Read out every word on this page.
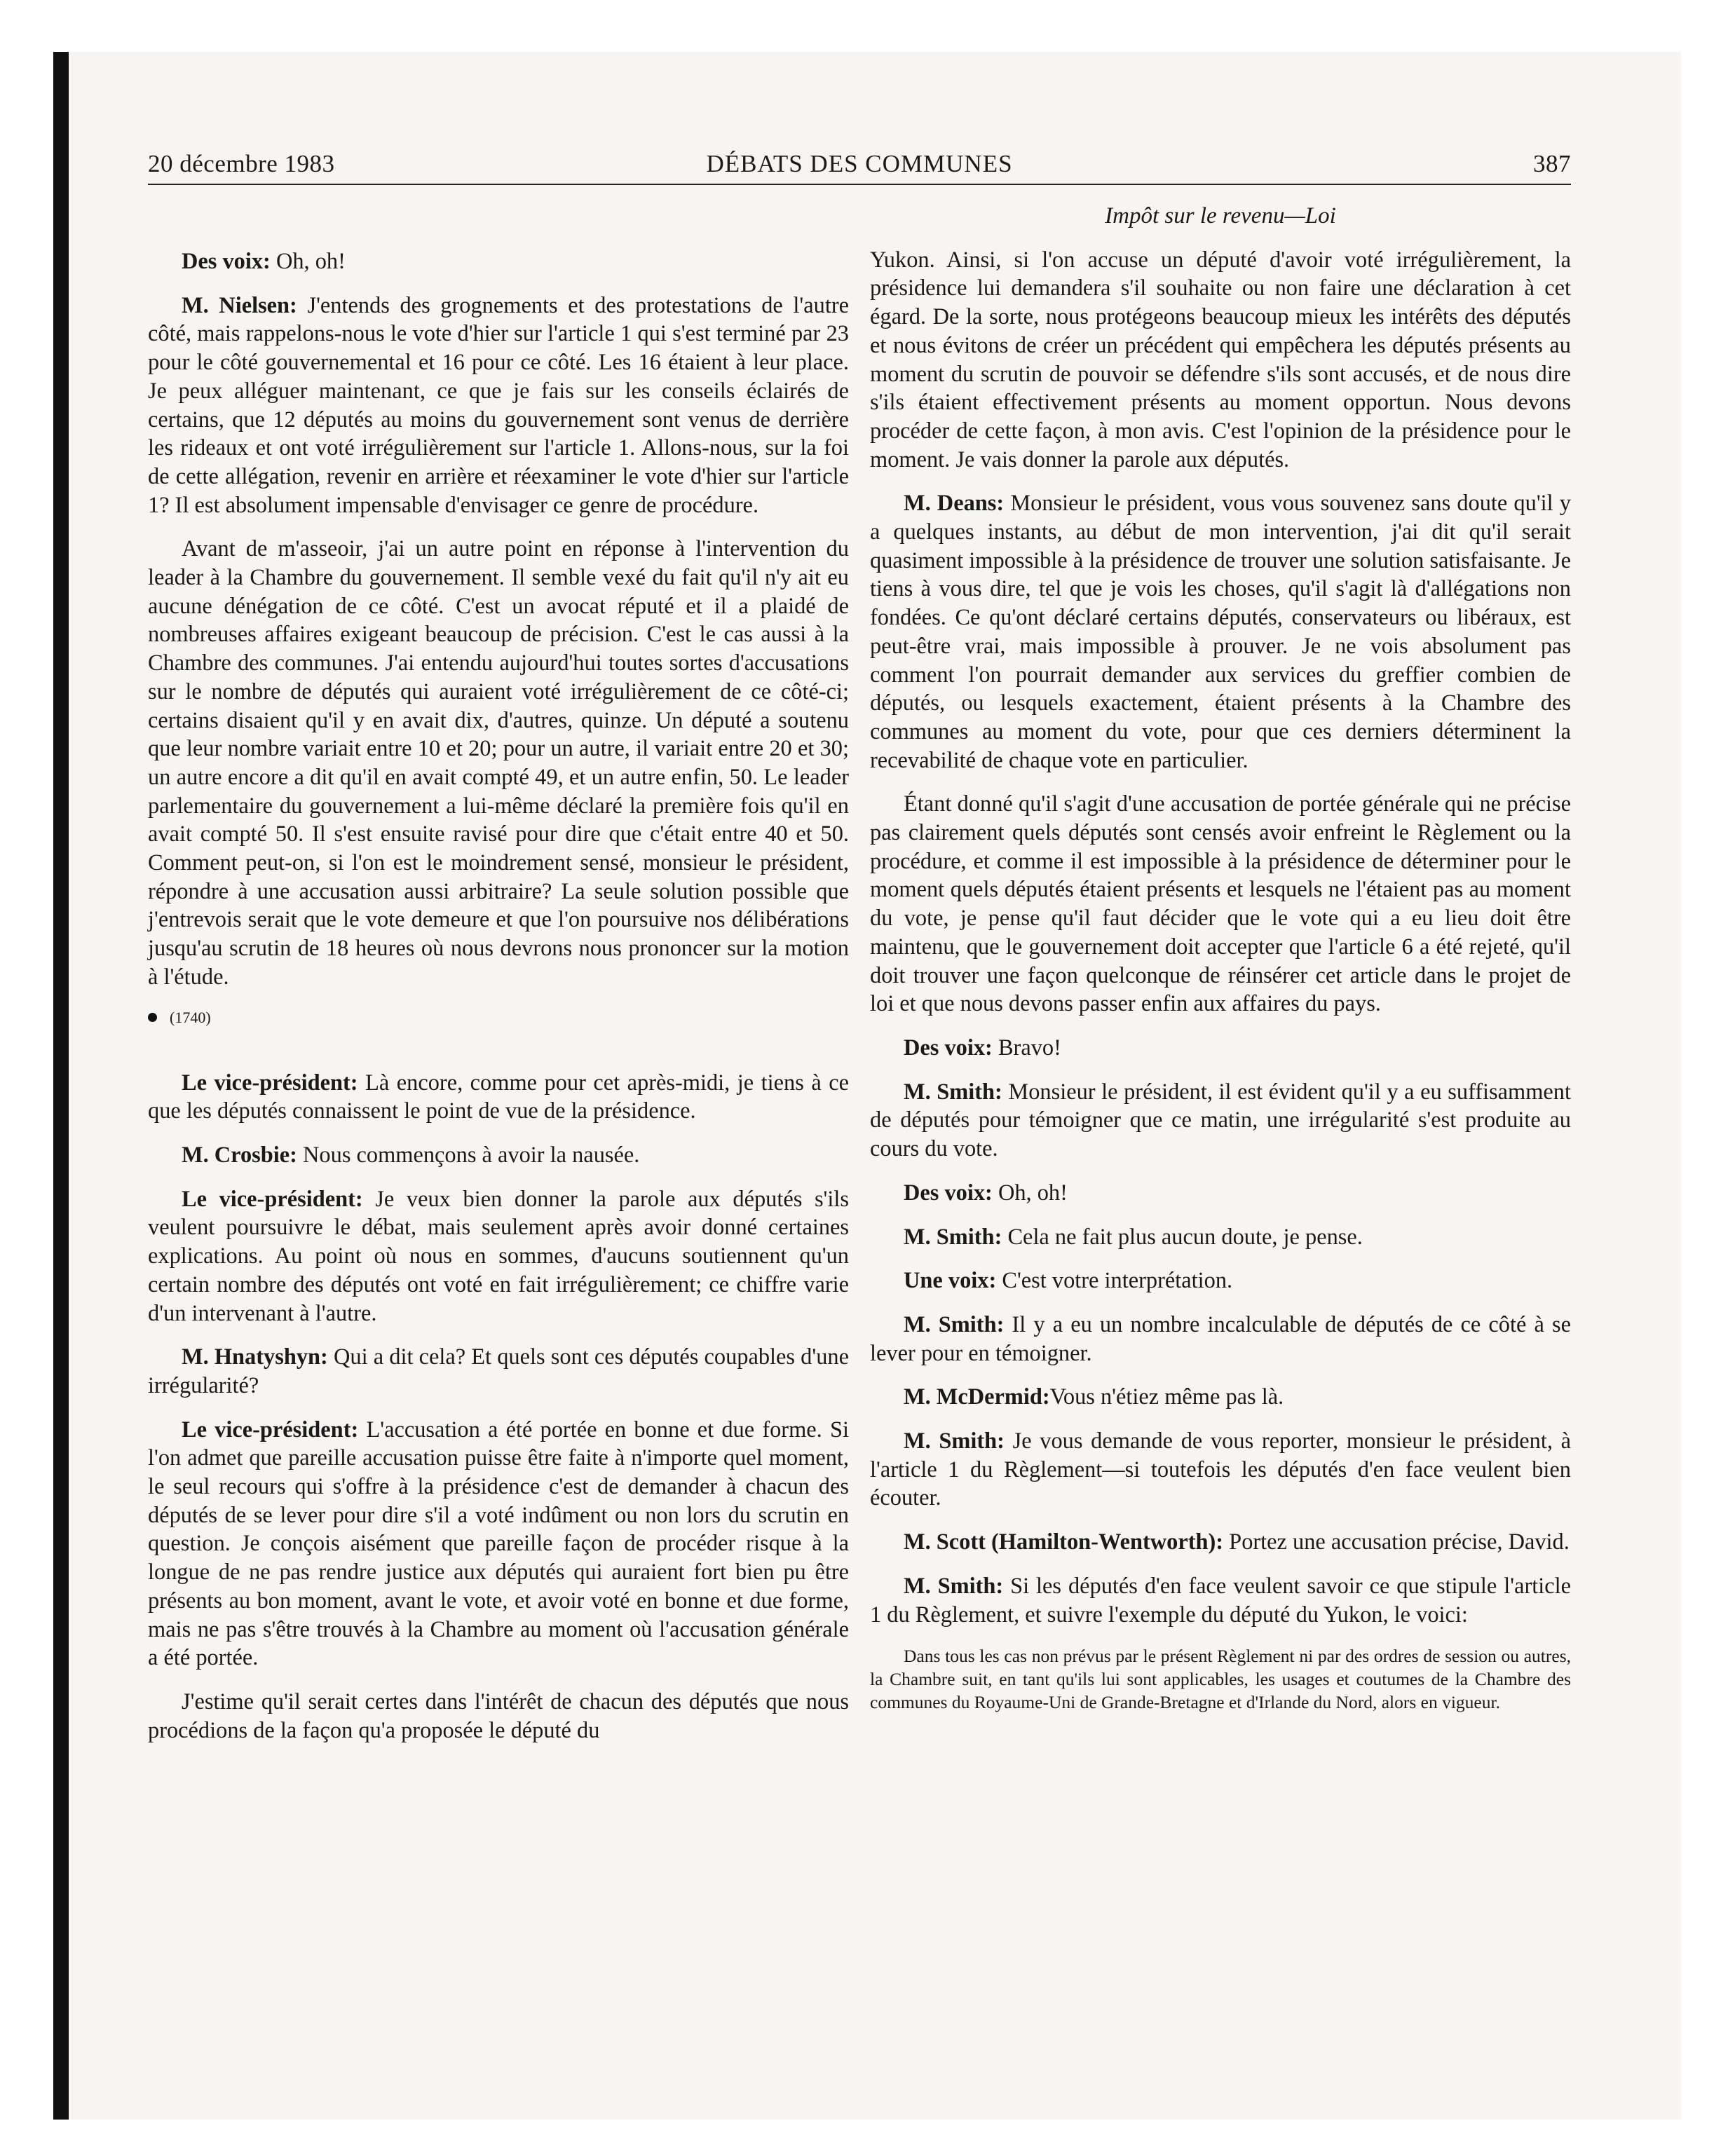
20 décembre 1983	DÉBATS DES COMMUNES	387

Des voix: Oh, oh!

M. Nielsen: J'entends des grognements et des protestations de l'autre côté, mais rappelons-nous le vote d'hier sur l'article 1 qui s'est terminé par 23 pour le côté gouvernemental et 16 pour ce côté. Les 16 étaient à leur place. Je peux alléguer maintenant, ce que je fais sur les conseils éclairés de certains, que 12 députés au moins du gouvernement sont venus de derrière les rideaux et ont voté irrégulièrement sur l'article 1. Allons-nous, sur la foi de cette allégation, revenir en arrière et réexaminer le vote d'hier sur l'article 1? Il est absolument impensable d'envisager ce genre de procédure.

Avant de m'asseoir, j'ai un autre point en réponse à l'intervention du leader à la Chambre du gouvernement. Il semble vexé du fait qu'il n'y ait eu aucune dénégation de ce côté. C'est un avocat réputé et il a plaidé de nombreuses affaires exigeant beaucoup de précision. C'est le cas aussi à la Chambre des communes. J'ai entendu aujourd'hui toutes sortes d'accusations sur le nombre de députés qui auraient voté irrégulièrement de ce côté-ci; certains disaient qu'il y en avait dix, d'autres, quinze. Un député a soutenu que leur nombre variait entre 10 et 20; pour un autre, il variait entre 20 et 30; un autre encore a dit qu'il en avait compté 49, et un autre enfin, 50. Le leader parlementaire du gouvernement a lui-même déclaré la première fois qu'il en avait compté 50. Il s'est ensuite ravisé pour dire que c'était entre 40 et 50. Comment peut-on, si l'on est le moindrement sensé, monsieur le président, répondre à une accusation aussi arbitraire? La seule solution possible que j'entrevois serait que le vote demeure et que l'on poursuive nos délibérations jusqu'au scrutin de 18 heures où nous devrons nous prononcer sur la motion à l'étude.

(1740)

Le vice-président: Là encore, comme pour cet après-midi, je tiens à ce que les députés connaissent le point de vue de la présidence.

M. Crosbie: Nous commençons à avoir la nausée.

Le vice-président: Je veux bien donner la parole aux députés s'ils veulent poursuivre le débat, mais seulement après avoir donné certaines explications. Au point où nous en sommes, d'aucuns soutiennent qu'un certain nombre des députés ont voté en fait irrégulièrement; ce chiffre varie d'un intervenant à l'autre.

M. Hnatyshyn: Qui a dit cela? Et quels sont ces députés coupables d'une irrégularité?

Le vice-président: L'accusation a été portée en bonne et due forme. Si l'on admet que pareille accusation puisse être faite à n'importe quel moment, le seul recours qui s'offre à la présidence c'est de demander à chacun des députés de se lever pour dire s'il a voté indûment ou non lors du scrutin en question. Je conçois aisément que pareille façon de procéder risque à la longue de ne pas rendre justice aux députés qui auraient fort bien pu être présents au bon moment, avant le vote, et avoir voté en bonne et due forme, mais ne pas s'être trouvés à la Chambre au moment où l'accusation générale a été portée.

J'estime qu'il serait certes dans l'intérêt de chacun des députés que nous procédions de la façon qu'a proposée le député du

Impôt sur le revenu—Loi

Yukon. Ainsi, si l'on accuse un député d'avoir voté irrégulièrement, la présidence lui demandera s'il souhaite ou non faire une déclaration à cet égard. De la sorte, nous protégeons beaucoup mieux les intérêts des députés et nous évitons de créer un précédent qui empêchera les députés présents au moment du scrutin de pouvoir se défendre s'ils sont accusés, et de nous dire s'ils étaient effectivement présents au moment opportun. Nous devons procéder de cette façon, à mon avis. C'est l'opinion de la présidence pour le moment. Je vais donner la parole aux députés.

M. Deans: Monsieur le président, vous vous souvenez sans doute qu'il y a quelques instants, au début de mon intervention, j'ai dit qu'il serait quasiment impossible à la présidence de trouver une solution satisfaisante. Je tiens à vous dire, tel que je vois les choses, qu'il s'agit là d'allégations non fondées. Ce qu'ont déclaré certains députés, conservateurs ou libéraux, est peut-être vrai, mais impossible à prouver. Je ne vois absolument pas comment l'on pourrait demander aux services du greffier combien de députés, ou lesquels exactement, étaient présents à la Chambre des communes au moment du vote, pour que ces derniers déterminent la recevabilité de chaque vote en particulier.

Étant donné qu'il s'agit d'une accusation de portée générale qui ne précise pas clairement quels députés sont censés avoir enfreint le Règlement ou la procédure, et comme il est impossible à la présidence de déterminer pour le moment quels députés étaient présents et lesquels ne l'étaient pas au moment du vote, je pense qu'il faut décider que le vote qui a eu lieu doit être maintenu, que le gouvernement doit accepter que l'article 6 a été rejeté, qu'il doit trouver une façon quelconque de réinsérer cet article dans le projet de loi et que nous devons passer enfin aux affaires du pays.

Des voix: Bravo!

M. Smith: Monsieur le président, il est évident qu'il y a eu suffisamment de députés pour témoigner que ce matin, une irrégularité s'est produite au cours du vote.

Des voix: Oh, oh!

M. Smith: Cela ne fait plus aucun doute, je pense.

Une voix: C'est votre interprétation.

M. Smith: Il y a eu un nombre incalculable de députés de ce côté à se lever pour en témoigner.

M. McDermid:Vous n'étiez même pas là.

M. Smith: Je vous demande de vous reporter, monsieur le président, à l'article 1 du Règlement—si toutefois les députés d'en face veulent bien écouter.

M. Scott (Hamilton-Wentworth): Portez une accusation précise, David.

M. Smith: Si les députés d'en face veulent savoir ce que stipule l'article 1 du Règlement, et suivre l'exemple du député du Yukon, le voici:

Dans tous les cas non prévus par le présent Règlement ni par des ordres de session ou autres, la Chambre suit, en tant qu'ils lui sont applicables, les usages et coutumes de la Chambre des communes du Royaume-Uni de Grande-Bretagne et d'Irlande du Nord, alors en vigueur.
